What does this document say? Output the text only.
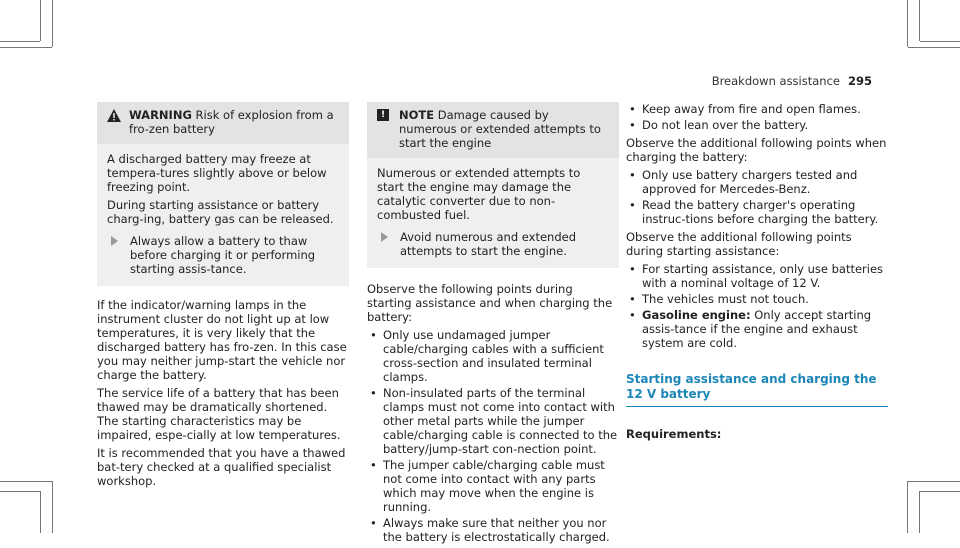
Breakdown assistance 295
WARNING Risk of explosion from a fro-zen battery

A discharged battery may freeze at tempera-tures slightly above or below freezing point.

During starting assistance or battery charg-ing, battery gas can be released.

Always allow a battery to thaw before charging it or performing starting assis-tance.

If the indicator/warning lamps in the instrument cluster do not light up at low temperatures, it is very likely that the discharged battery has fro-zen. In this case you may neither jump-start the vehicle nor charge the battery.

The service life of a battery that has been thawed may be dramatically shortened. The starting characteristics may be impaired, espe-cially at low temperatures.

It is recommended that you have a thawed bat-tery checked at a qualified specialist workshop.

!	NOTE Damage caused by numerous or extended attempts to start the engine

Numerous or extended attempts to start the engine may damage the catalytic converter due to non-combusted fuel.

Avoid numerous and extended attempts to start the engine.

Observe the following points during starting assistance and when charging the battery:

• Only use undamaged jumper cable/charging cables with a sufficient cross-section and insulated terminal clamps.
• Non-insulated parts of the terminal clamps must not come into contact with other metal parts while the jumper cable/charging cable is connected to the battery/jump-start con-nection point.
• The jumper cable/charging cable must not come into contact with any parts which may move when the engine is running.
• Always make sure that neither you nor the battery is electrostatically charged.
• Keep away from fire and open flames.
• Do not lean over the battery.

Observe the additional following points when charging the battery:

• Only use battery chargers tested and approved for Mercedes-Benz.
• Read the battery charger's operating instruc-tions before charging the battery.

Observe the additional following points during starting assistance:

• For starting assistance, only use batteries with a nominal voltage of 12 V.
• The vehicles must not touch.
• Gasoline engine: Only accept starting assis-tance if the engine and exhaust system are cold.
Starting assistance and charging the 12 V battery
Requirements:
